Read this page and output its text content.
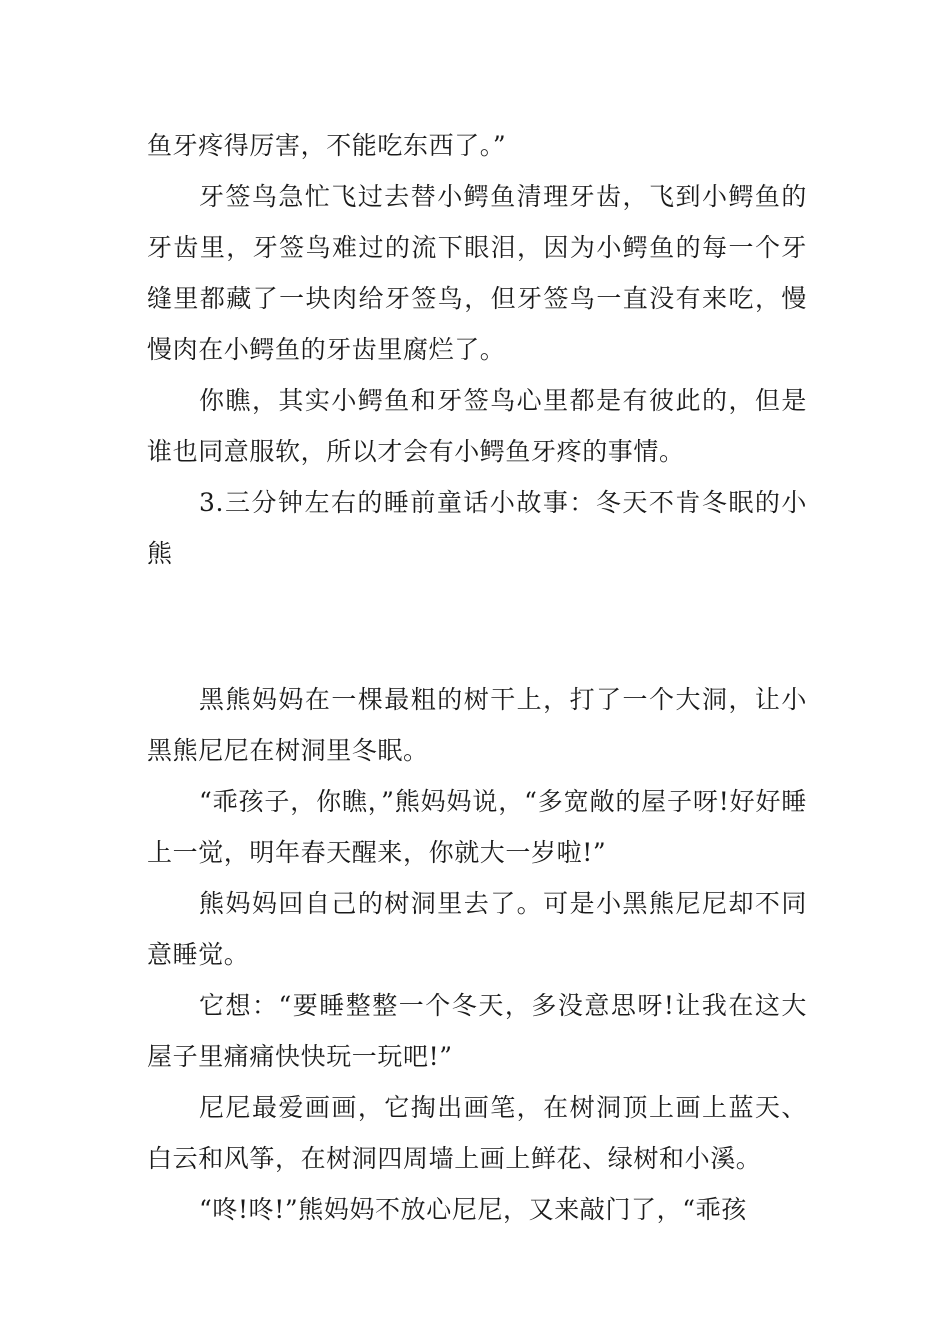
鱼牙疼得厉害，不能吃东西了。”

牙签鸟急忙飞过去替小鳄鱼清理牙齿，飞到小鳄鱼的牙齿里，牙签鸟难过的流下眼泪，因为小鳄鱼的每一个牙缝里都藏了一块肉给牙签鸟，但牙签鸟一直没有来吃，慢慢肉在小鳄鱼的牙齿里腐烂了。

你瞧，其实小鳄鱼和牙签鸟心里都是有彼此的，但是谁也同意服软，所以才会有小鳄鱼牙疼的事情。

3.三分钟左右的睡前童话小故事：冬天不肯冬眠的小熊

黑熊妈妈在一棵最粗的树干上，打了一个大洞，让小黑熊尼尼在树洞里冬眠。

“乖孩子，你瞧，”熊妈妈说，“多宽敞的屋子呀!好好睡上一觉，明年春天醒来，你就大一岁啦!”

熊妈妈回自己的树洞里去了。可是小黑熊尼尼却不同意睡觉。

它想：“要睡整整一个冬天，多没意思呀!让我在这大屋子里痛痛快快玩一玩吧!”

尼尼最爱画画，它掏出画笔，在树洞顶上画上蓝天、白云和风筝，在树洞四周墙上画上鲜花、绿树和小溪。

“咚!咚!”熊妈妈不放心尼尼，又来敲门了，“乖孩
